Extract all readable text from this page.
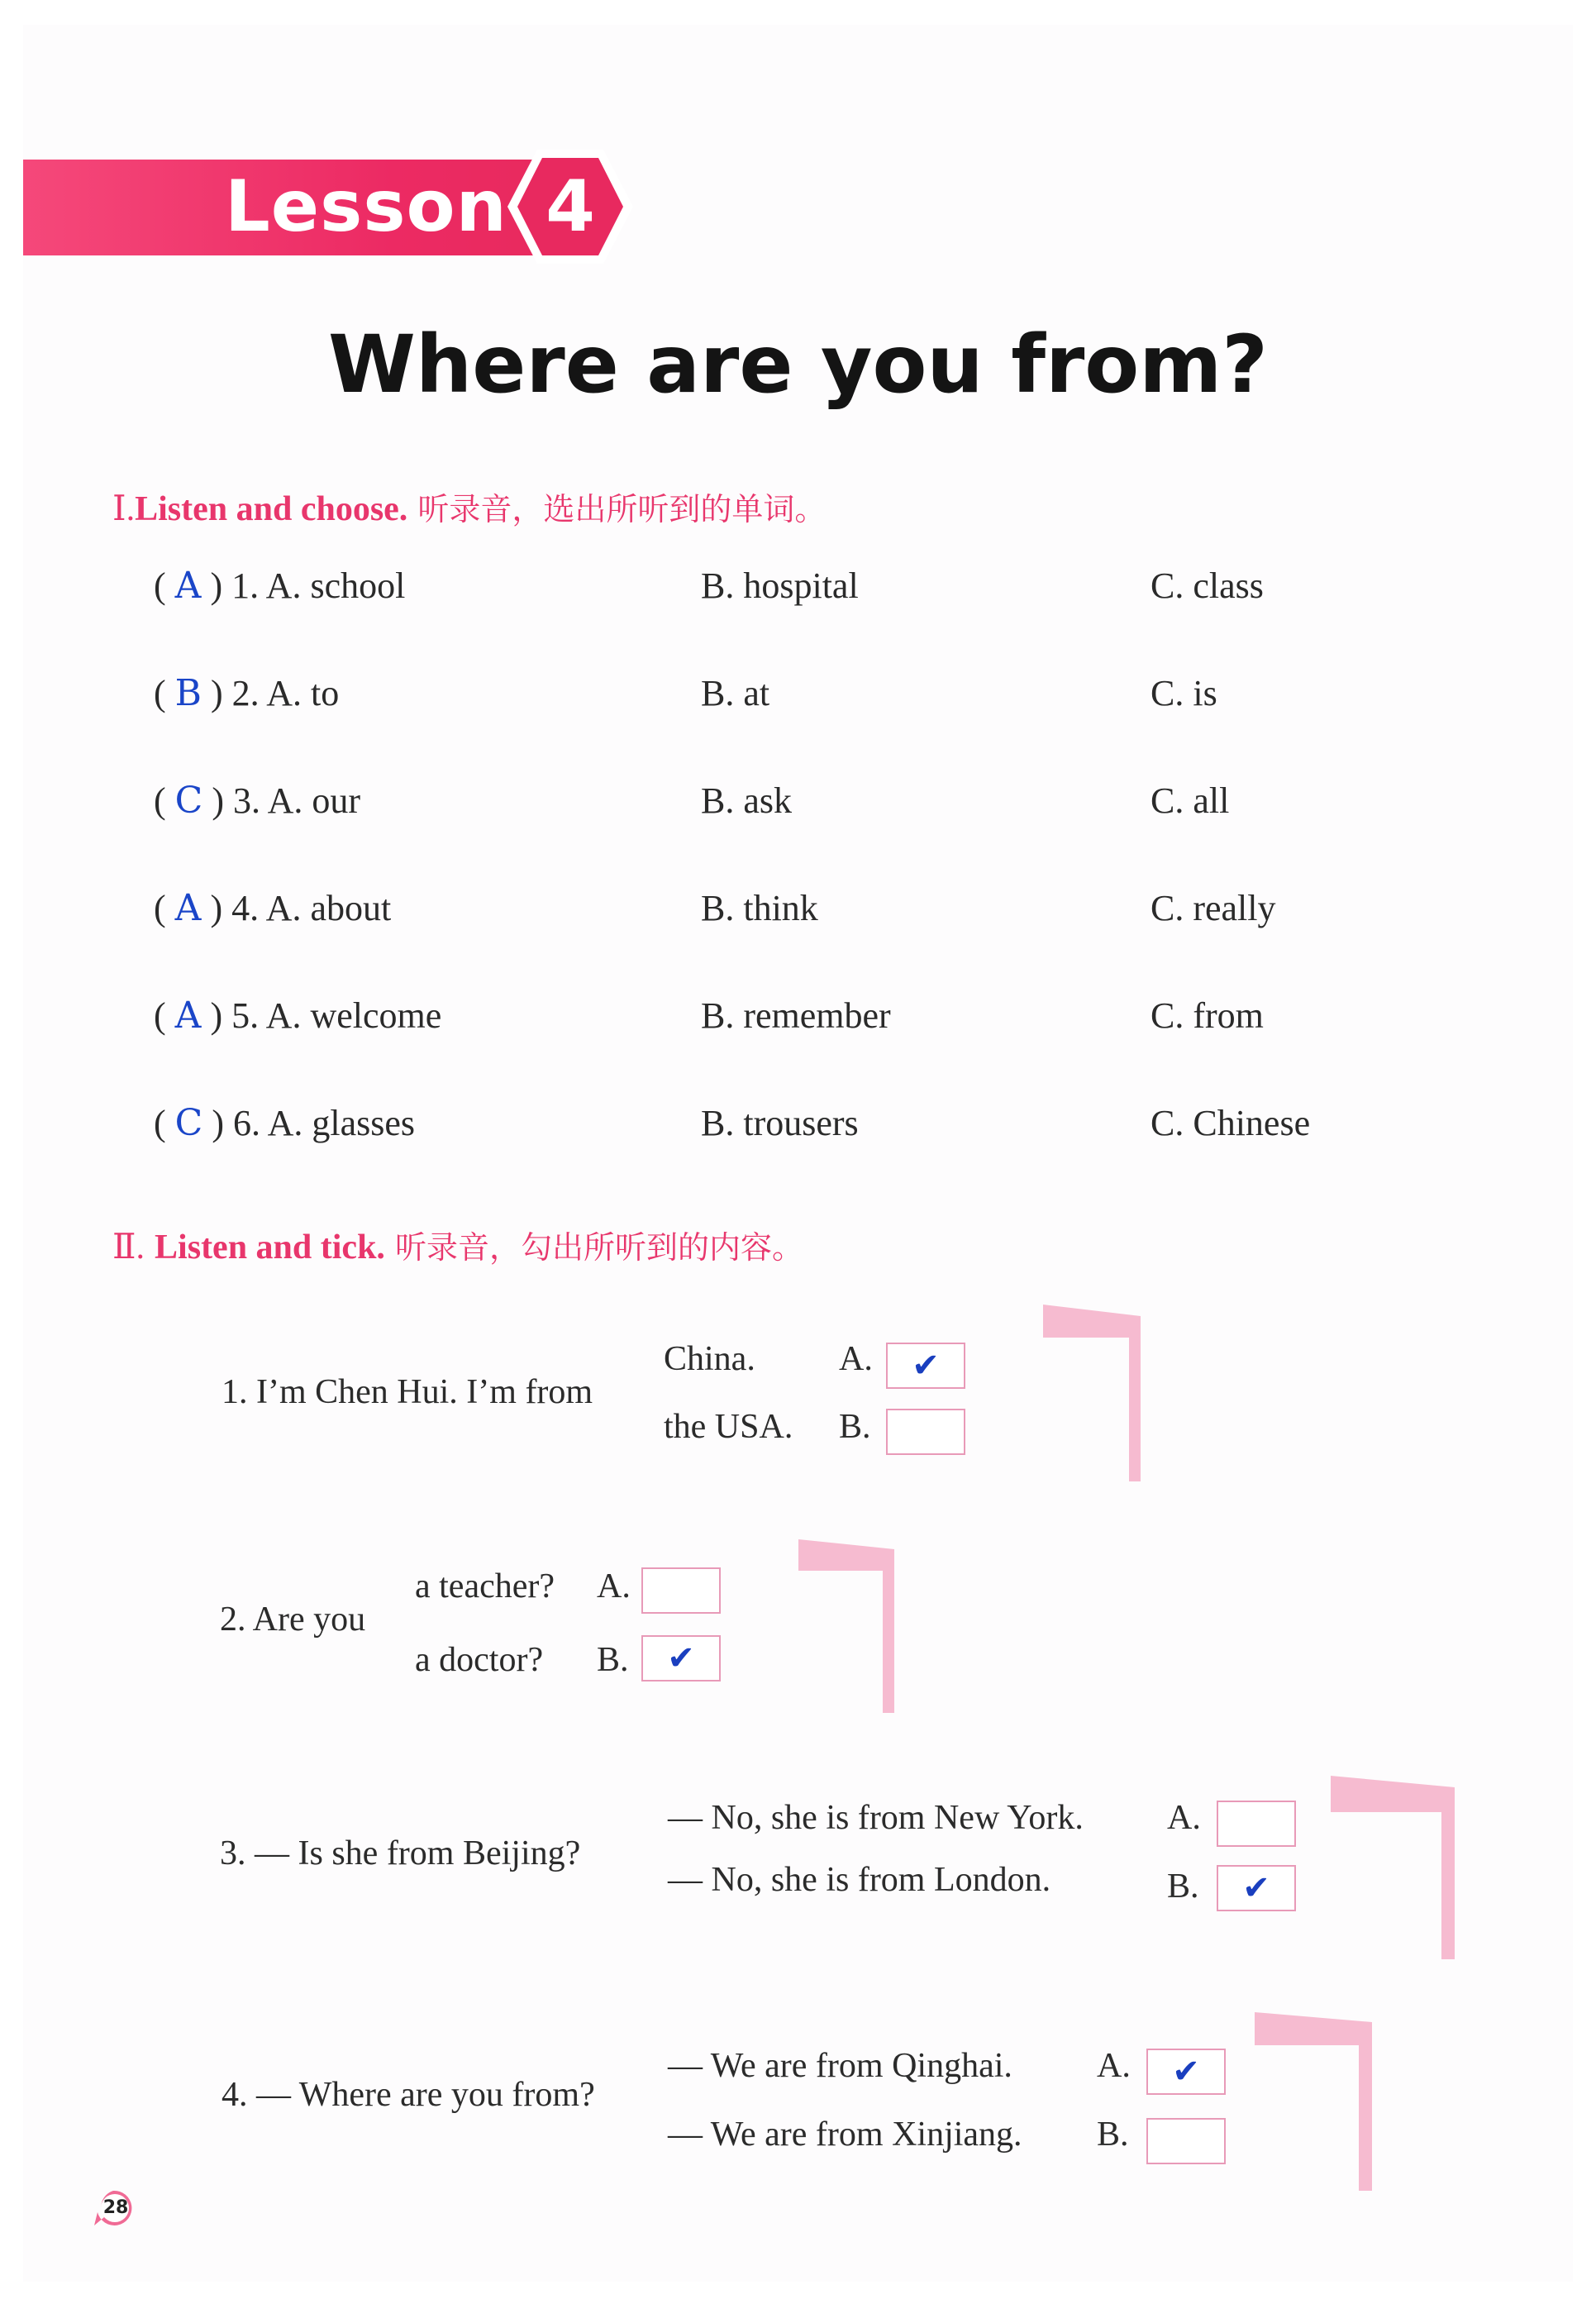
Lesson 4
Where are you from?
Ⅰ.Listen and choose. 听录音，选出所听到的单词。
( A ) 1. A. school	B. hospital	C. class
( B ) 2. A. to	B. at	C. is
( C ) 3. A. our	B. ask	C. all
( A ) 4. A. about	B. think	C. really
( A ) 5. A. welcome	B. remember	C. from
( C ) 6. A. glasses	B. trousers	C. Chinese
Ⅱ. Listen and tick. 听录音，勾出所听到的内容。
1. I’m Chen Hui. I’m from
China. A.	✔
the USA. B.
2. Are you
a teacher? A.
a doctor? B.	✔
3. — Is she from Beijing?
— No, she is from New York. A.
— No, she is from London.	B.	✔
4. — Where are you from?
— We are from Qinghai. A.	✔
— We are from Xinjiang. B.
28
